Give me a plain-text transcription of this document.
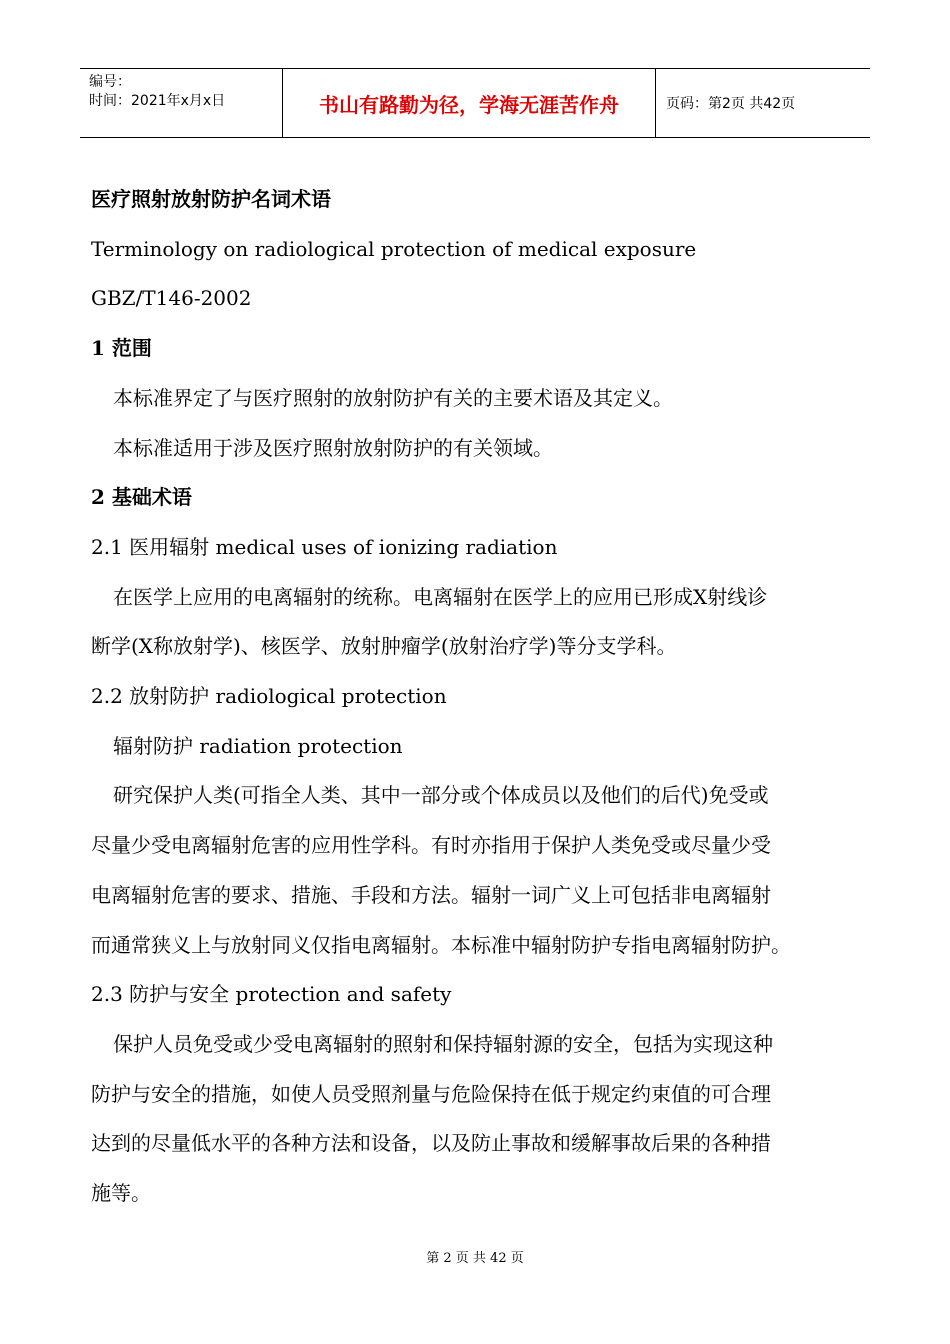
编号：
时间：2021年x月x日	书山有路勤为径，学海无涯苦作舟	页码：第2页 共42页
医疗照射放射防护名词术语
Terminology on radiological protection of medical exposure
GBZ/T146-2002
1 范围
本标准界定了与医疗照射的放射防护有关的主要术语及其定义。
本标准适用于涉及医疗照射放射防护的有关领域。
2 基础术语
2.1 医用辐射 medical uses of ionizing radiation
在医学上应用的电离辐射的统称。电离辐射在医学上的应用已形成X射线诊
断学(X称放射学)、核医学、放射肿瘤学(放射治疗学)等分支学科。
2.2 放射防护 radiological protection
辐射防护 radiation protection
研究保护人类(可指全人类、其中一部分或个体成员以及他们的后代)免受或
尽量少受电离辐射危害的应用性学科。有时亦指用于保护人类免受或尽量少受
电离辐射危害的要求、措施、手段和方法。辐射一词广义上可包括非电离辐射
而通常狭义上与放射同义仅指电离辐射。本标准中辐射防护专指电离辐射防护。
2.3 防护与安全 protection and safety
保护人员免受或少受电离辐射的照射和保持辐射源的安全，包括为实现这种
防护与安全的措施，如使人员受照剂量与危险保持在低于规定约束值的可合理
达到的尽量低水平的各种方法和设备，以及防止事故和缓解事故后果的各种措
施等。
第 2 页 共 42 页
